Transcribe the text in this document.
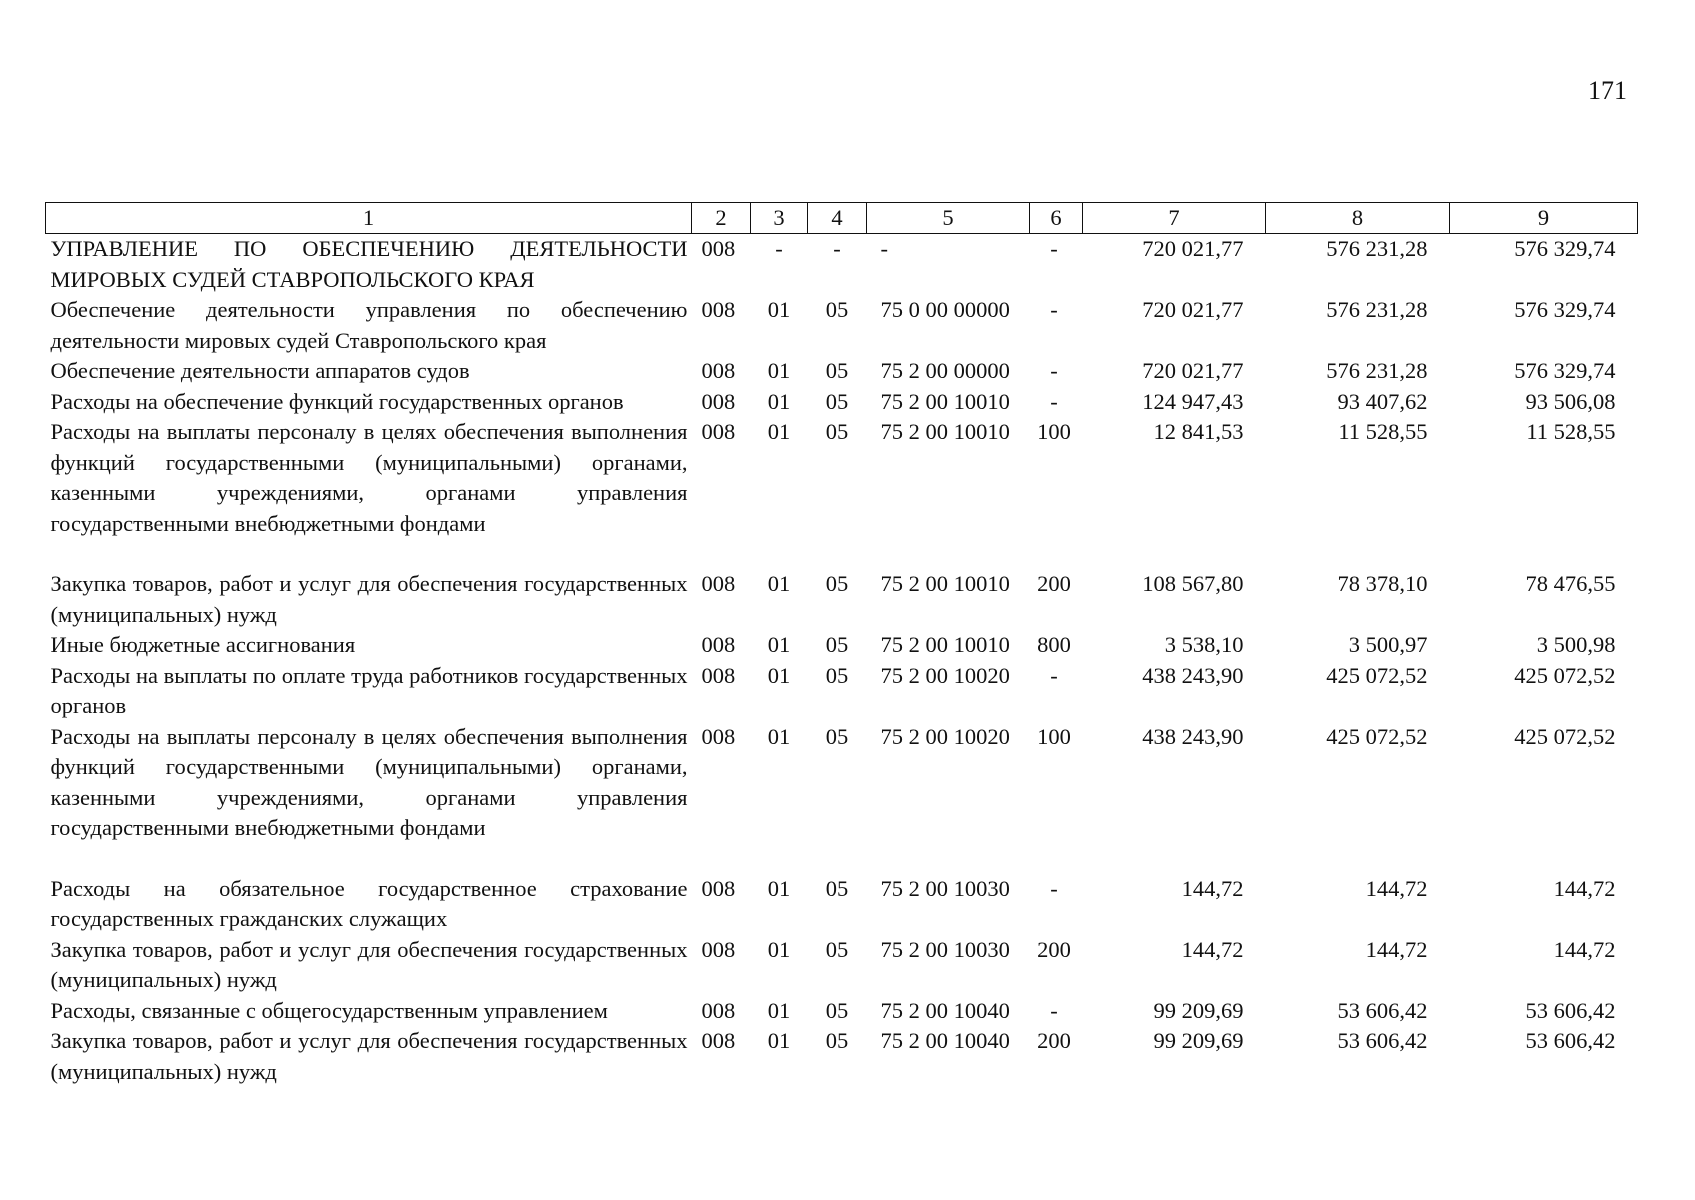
171
1	2	3	4	5	6	7	8	9
УПРАВЛЕНИЕ ПО ОБЕСПЕЧЕНИЮ ДЕЯТЕЛЬНОСТИ МИРОВЫХ СУДЕЙ СТАВРОПОЛЬСКОГО КРАЯ	008	-	-	-	-	720 021,77	576 231,28	576 329,74
Обеспечение деятельности управления по обеспечению деятельности мировых судей Ставропольского края	008	01	05	75 0 00 00000	-	720 021,77	576 231,28	576 329,74
Обеспечение деятельности аппаратов судов	008	01	05	75 2 00 00000	-	720 021,77	576 231,28	576 329,74
Расходы на обеспечение функций государственных органов	008	01	05	75 2 00 10010	-	124 947,43	93 407,62	93 506,08
Расходы на выплаты персоналу в целях обеспечения выполнения функций государственными (муниципальными) органами, казенными учреждениями, органами управления государственными внебюджетными фондами	008	01	05	75 2 00 10010	100	12 841,53	11 528,55	11 528,55
Закупка товаров, работ и услуг для обеспечения государственных (муниципальных) нужд	008	01	05	75 2 00 10010	200	108 567,80	78 378,10	78 476,55
Иные бюджетные ассигнования	008	01	05	75 2 00 10010	800	3 538,10	3 500,97	3 500,98
Расходы на выплаты по оплате труда работников государственных органов	008	01	05	75 2 00 10020	-	438 243,90	425 072,52	425 072,52
Расходы на выплаты персоналу в целях обеспечения выполнения функций государственными (муниципальными) органами, казенными учреждениями, органами управления государственными внебюджетными фондами	008	01	05	75 2 00 10020	100	438 243,90	425 072,52	425 072,52
Расходы на обязательное государственное страхование государственных гражданских служащих	008	01	05	75 2 00 10030	-	144,72	144,72	144,72
Закупка товаров, работ и услуг для обеспечения государственных (муниципальных) нужд	008	01	05	75 2 00 10030	200	144,72	144,72	144,72
Расходы, связанные с общегосударственным управлением	008	01	05	75 2 00 10040	-	99 209,69	53 606,42	53 606,42
Закупка товаров, работ и услуг для обеспечения государственных (муниципальных) нужд	008	01	05	75 2 00 10040	200	99 209,69	53 606,42	53 606,42
